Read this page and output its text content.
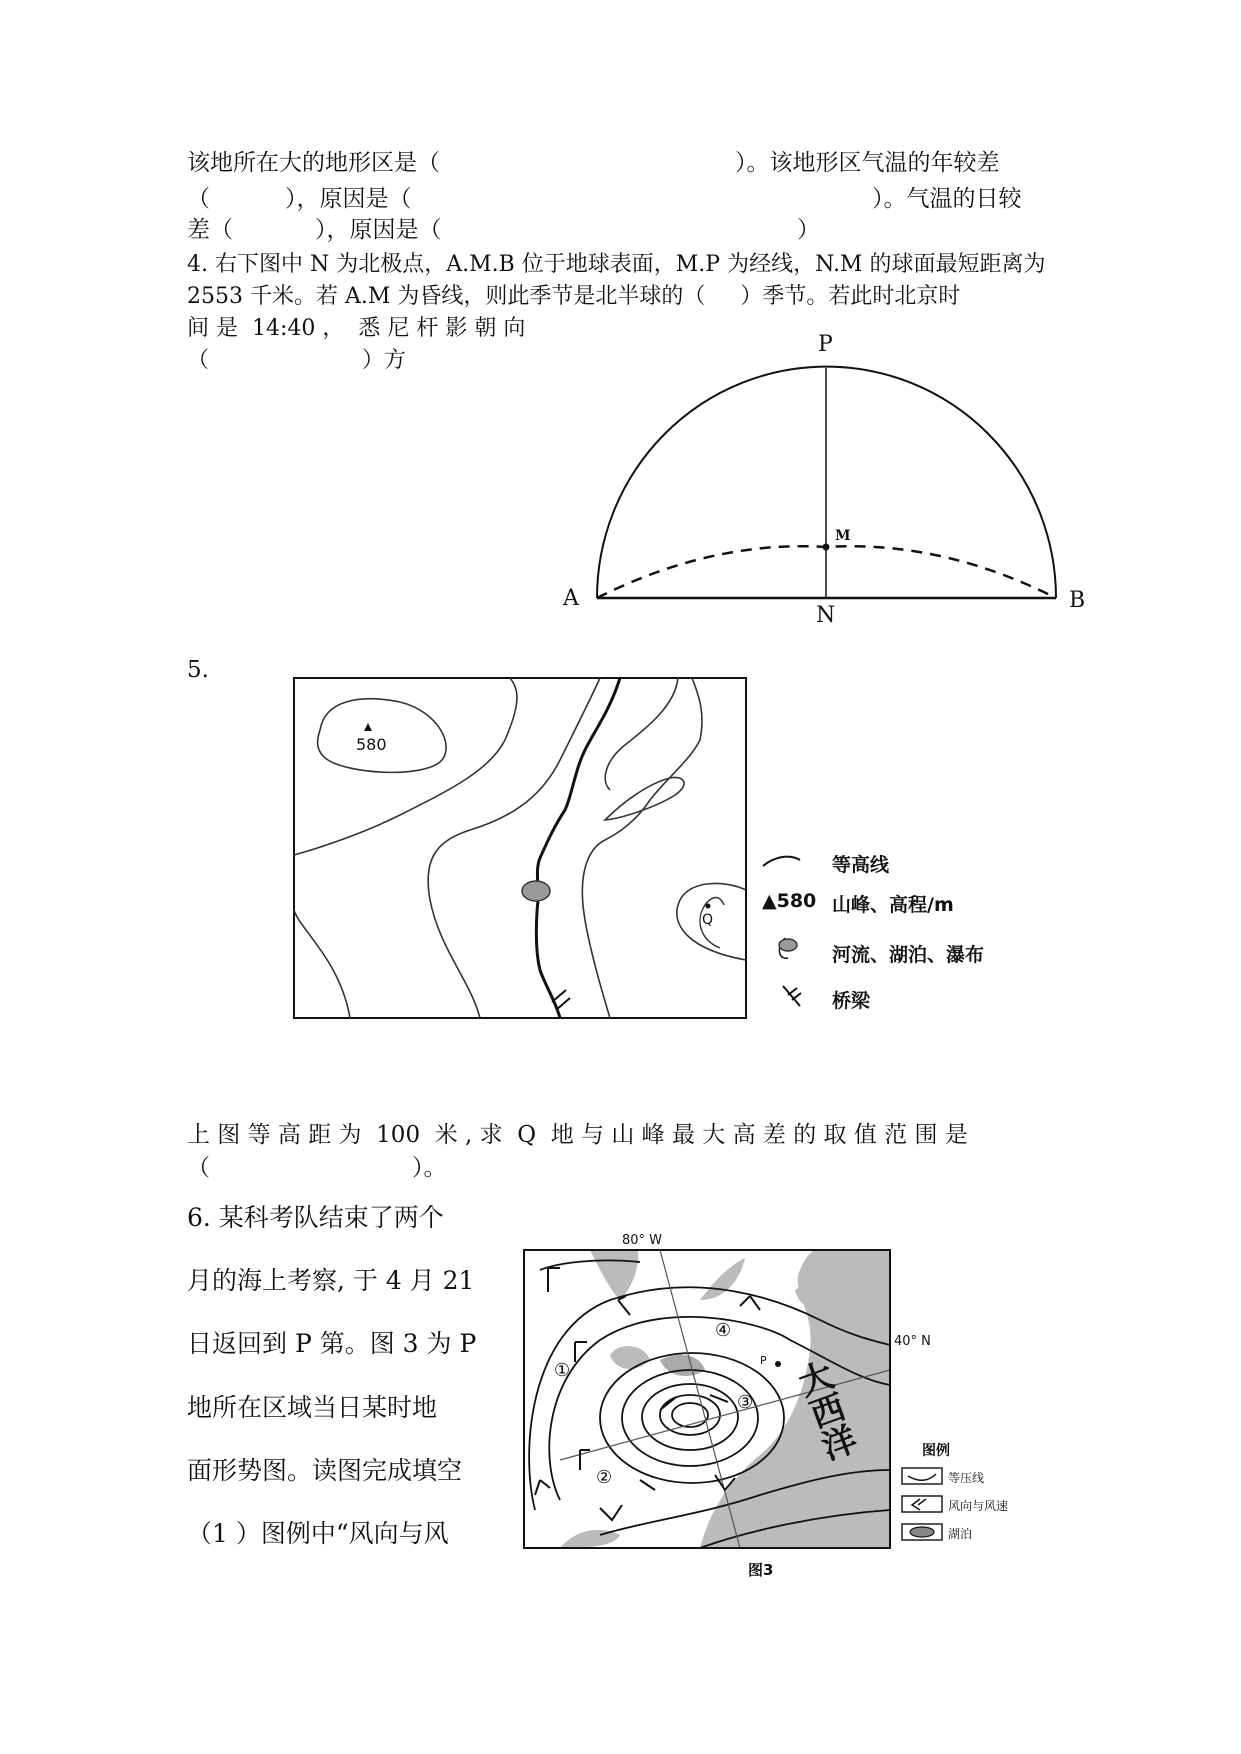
该地所在大的地形区是（	）。该地形区气温的年较差
（	），原因是（	）。气温的日较
差（	），原因是（	）
4. 右下图中 N 为北极点，A.M.B 位于地球表面，M.P 为经线，N.M 的球面最短距离为
2553 千米。若 A.M 为昏线，则此季节是北半球的（     ）季节。若此时北京时
间 是  14:40 ，  悉 尼 杆 影 朝 向
（	）方
P
M
A
N
B
5.
580
Q
等高线
▲580 山峰、高程/m
河流、湖泊、瀑布
桥梁
上 图 等 高 距 为  100  米 , 求  Q  地 与 山 峰 最 大 高 差 的 取 值 范 围 是
（	）。
6. 某科考队结束了两个
月的海上考察, 于 4 月 21
日返回到 P 第。图 3 为 P
地所在区域当日某时地
面形势图。读图完成填空
（1 ）图例中“风向与风
80° W
40° N
P 大西洋
①
②
③
④
图3
图例
等压线
风向与风速
湖泊
